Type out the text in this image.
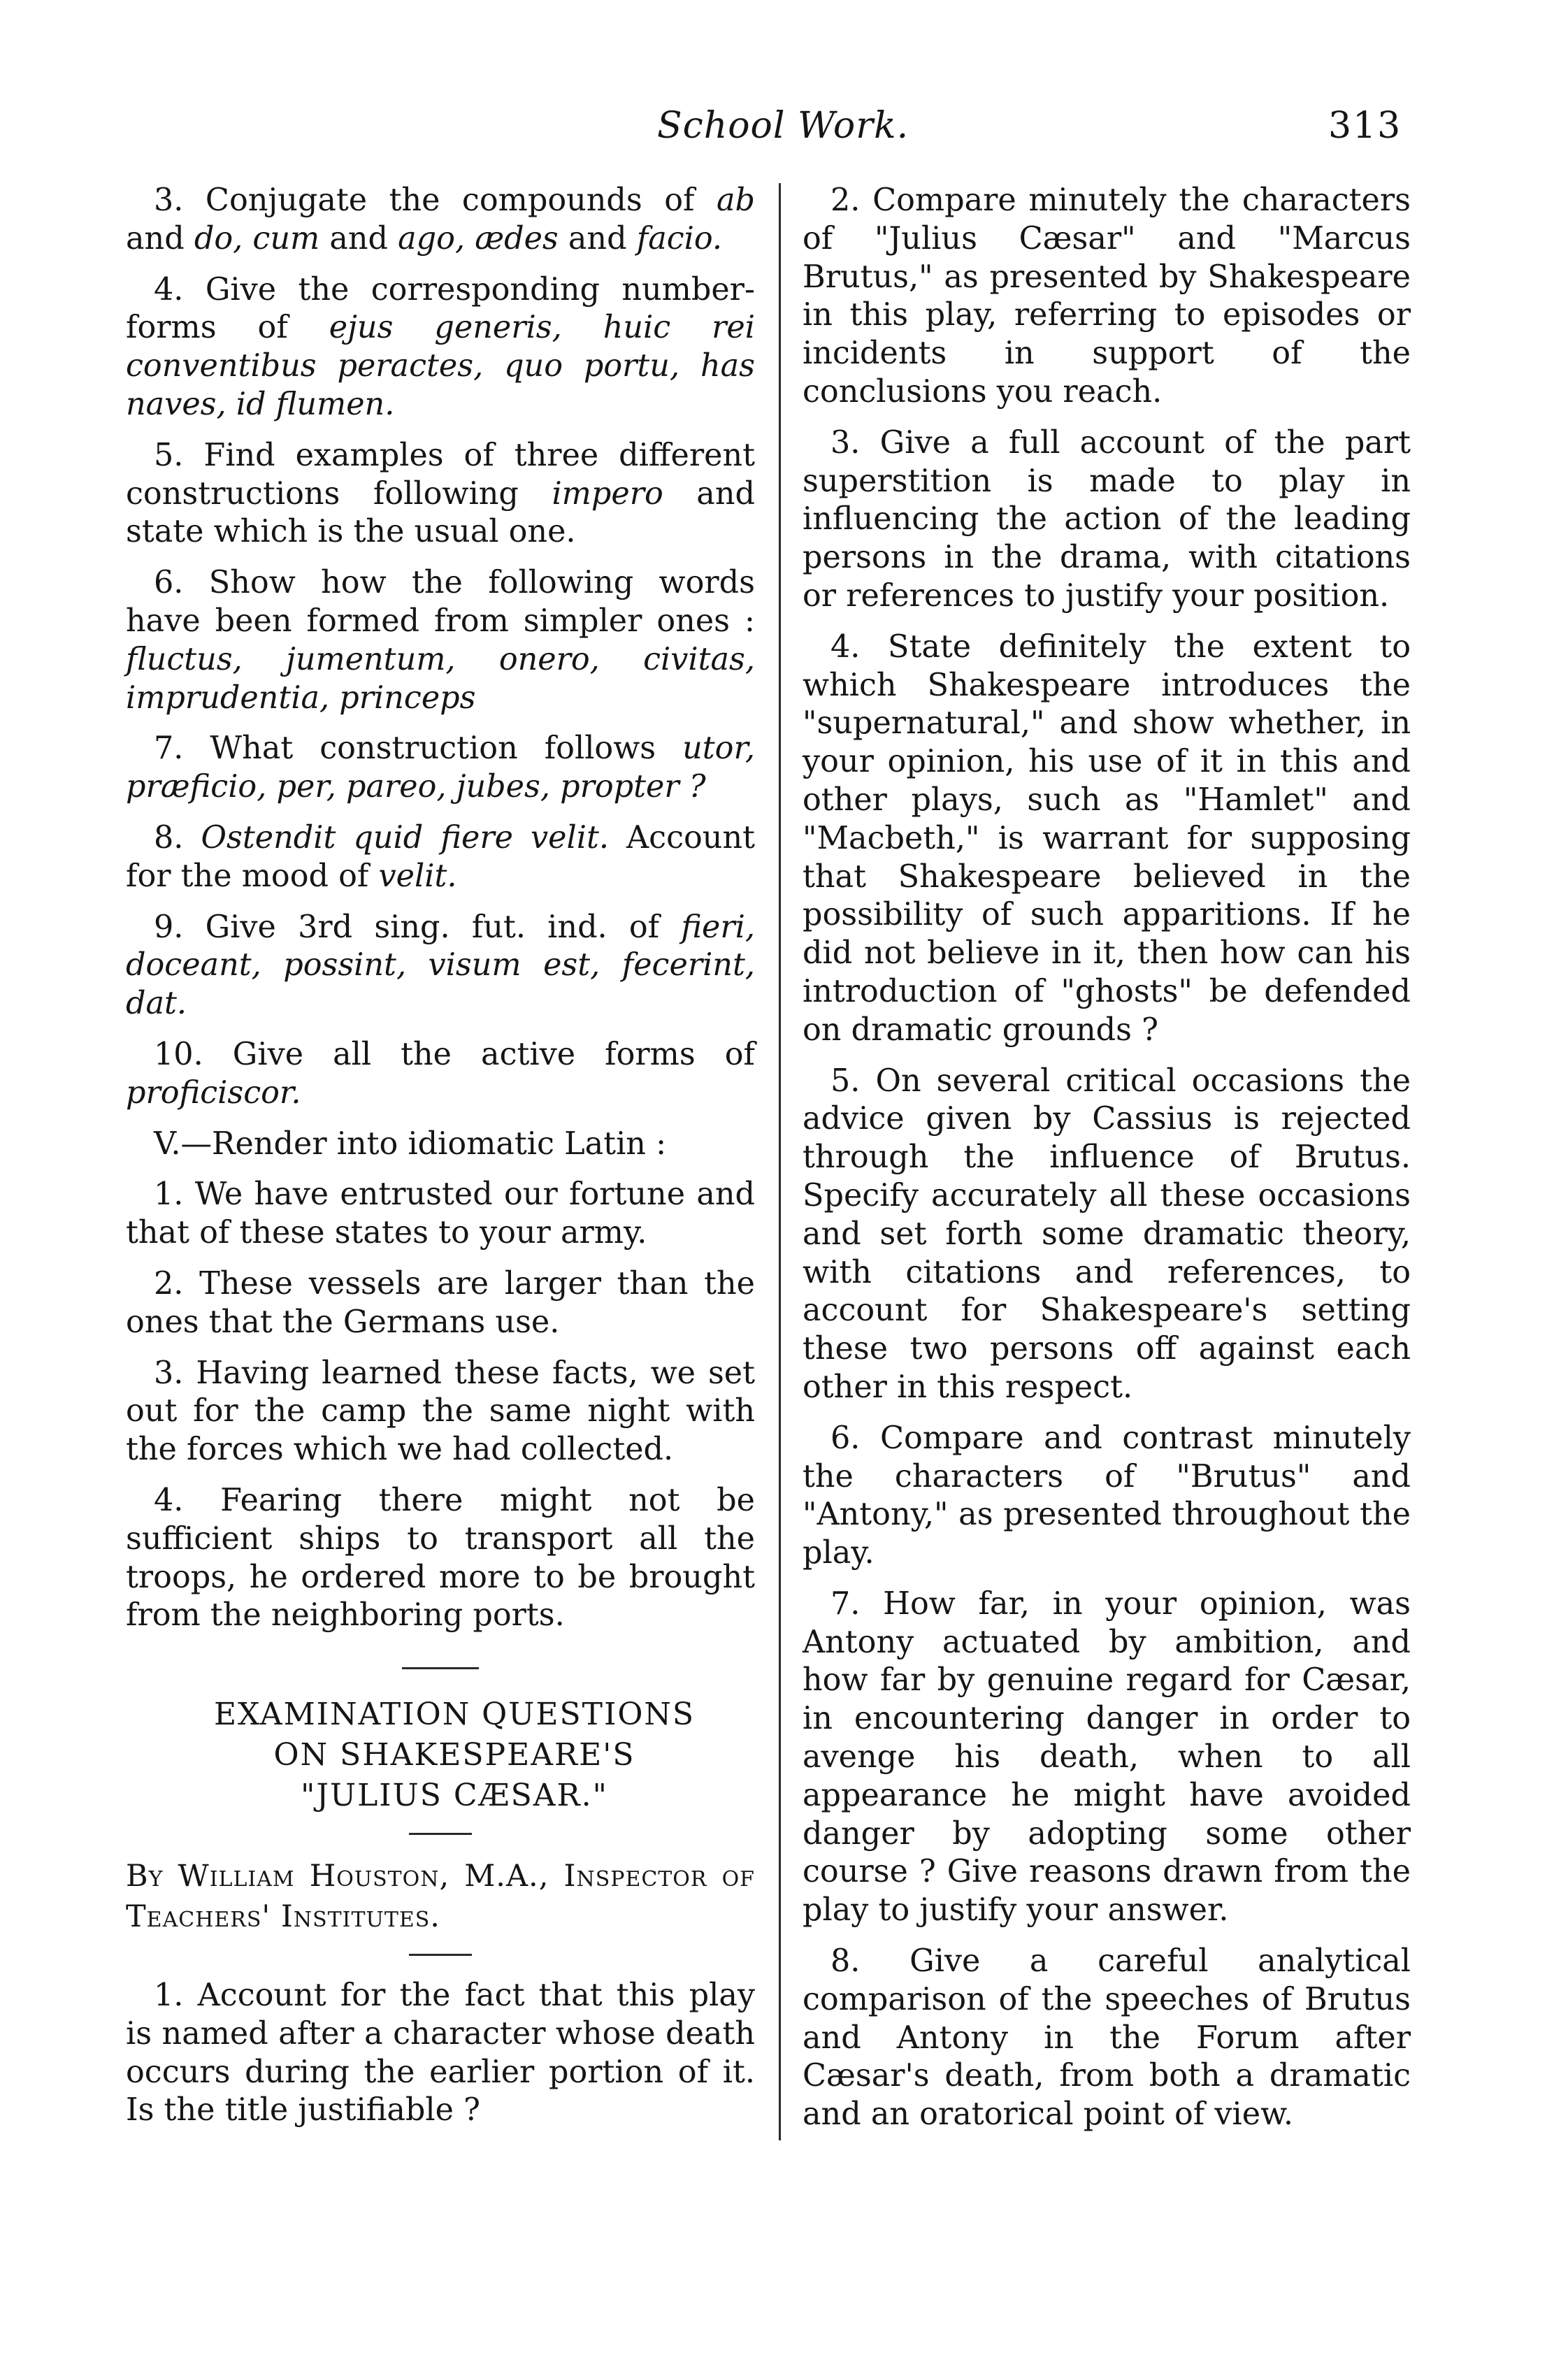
School Work.	313

3. Conjugate the compounds of ab and do, cum and ago, ædes and facio.

4. Give the corresponding number-forms of ejus generis, huic rei conventibus peractes, quo portu, has naves, id flumen.

5. Find examples of three different constructions following impero and state which is the usual one.

6. Show how the following words have been formed from simpler ones : fluctus, jumentum, onero, civitas, imprudentia, princeps

7. What construction follows utor, præficio, per, pareo, jubes, propter ?

8. Ostendit quid fiere velit. Account for the mood of velit.

9. Give 3rd sing. fut. ind. of fieri, doceant, possint, visum est, fecerint, dat.

10. Give all the active forms of proficiscor.

V.—Render into idiomatic Latin :

1. We have entrusted our fortune and that of these states to your army.

2. These vessels are larger than the ones that the Germans use.

3. Having learned these facts, we set out for the camp the same night with the forces which we had collected.

4. Fearing there might not be sufficient ships to transport all the troops, he ordered more to be brought from the neighboring ports.

EXAMINATION QUESTIONS

ON SHAKESPEARE'S

"JULIUS CÆSAR."

By William Houston, M.A., Inspector of Teachers' Institutes.

1. Account for the fact that this play is named after a character whose death occurs during the earlier portion of it. Is the title justifiable ?

2. Compare minutely the characters of "Julius Cæsar" and "Marcus Brutus," as presented by Shakespeare in this play, referring to episodes or incidents in support of the conclusions you reach.

3. Give a full account of the part superstition is made to play in influencing the action of the leading persons in the drama, with citations or references to justify your position.

4. State definitely the extent to which Shakespeare introduces the "supernatural," and show whether, in your opinion, his use of it in this and other plays, such as "Hamlet" and "Macbeth," is warrant for supposing that Shakespeare believed in the possibility of such apparitions. If he did not believe in it, then how can his introduction of "ghosts" be defended on dramatic grounds ?

5. On several critical occasions the advice given by Cassius is rejected through the influence of Brutus. Specify accurately all these occasions and set forth some dramatic theory, with citations and references, to account for Shakespeare's setting these two persons off against each other in this respect.

6. Compare and contrast minutely the characters of "Brutus" and "Antony," as presented throughout the play.

7. How far, in your opinion, was Antony actuated by ambition, and how far by genuine regard for Cæsar, in encountering danger in order to avenge his death, when to all appearance he might have avoided danger by adopting some other course ? Give reasons drawn from the play to justify your answer.

8. Give a careful analytical comparison of the speeches of Brutus and Antony in the Forum after Cæsar's death, from both a dramatic and an oratorical point of view.
